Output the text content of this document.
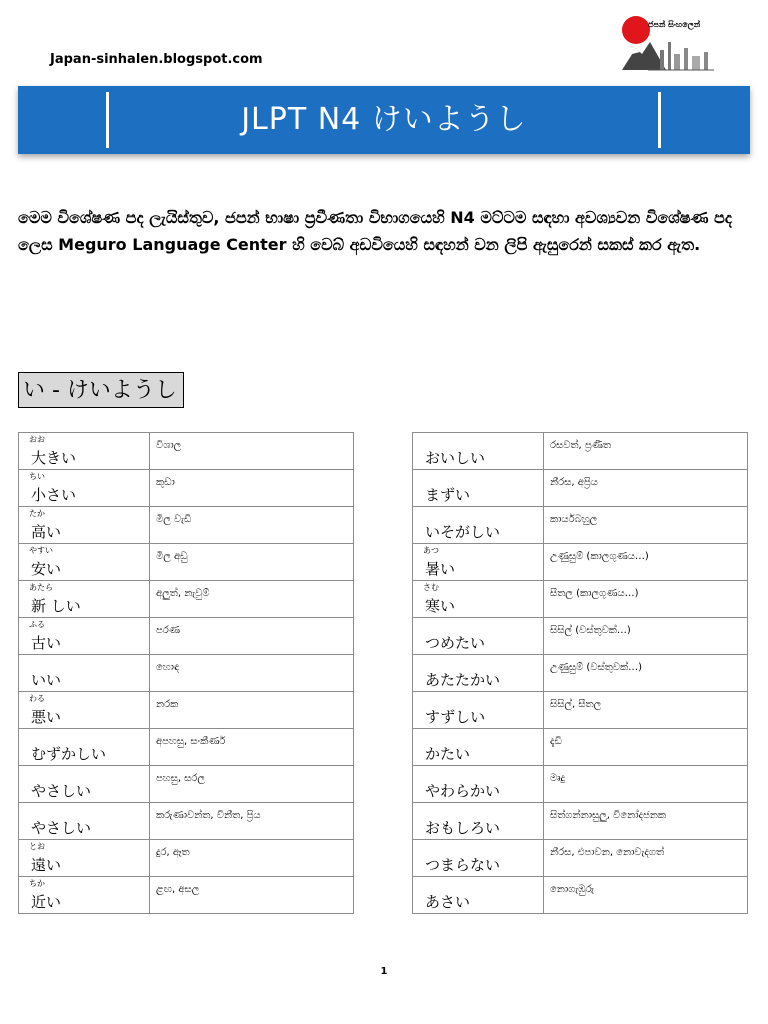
Japan-sinhalen.blogspot.com
ජපන් සිංහලෙන්
JLPT N4 けいようし
මෙම විශේෂණ පද ලැයිස්තුව, ජපන් භාෂා ප්‍රවීණතා විභාගයෙහි N4 මට්ටම සඳහා අවශ්‍යවන විශේෂණ පද ලෙස Meguro Language Center හි වෙබ් අඩවියෙහි සඳහන් වන ලිපි ඇසුරෙන් සකස් කර ඇත.
い - けいようし
おお
大きい	විශාල

ちい
小さい	කුඩා

たか
高い	මිල වැඩි

やすい
安い	මිල අඩු

あたら
新 しい	අලුත්, නැවුම්

ふる
古い	පරණ

いい	හොඳ

わる
悪い	නරක

むずかしい	අපහසු, සංකීර්ණ

やさしい	පහසු, සරල

やさしい	කරුණාවන්ත, විනීත, ප්‍රිය

とお
遠い	දුර, ඈත

ちか
近い	ළඟ, අසල
おいしい	රසවත්, ප්‍රණීත

まずい	නීරස, අප්‍රිය

いそがしい	කාර්යබහුල

あつ
暑い	උණුසුම් (කාලගුණය…)

さむ
寒い	සීතල (කාලගුණය…)

つめたい	සිසිල් (වස්තුවක්…)

あたたかい	උණුසුම් (වස්තුවක්…)

すずしい	සිසිල්, සීතල

かたい	දැඩි

やわらかい	මෘදු

おもしろい	සිත්ගන්නාසුලු, විනෝදජනක

つまらない	නීරස, එපාවන, නොවැදගත්

あさい	නොගැඹුරු
1
